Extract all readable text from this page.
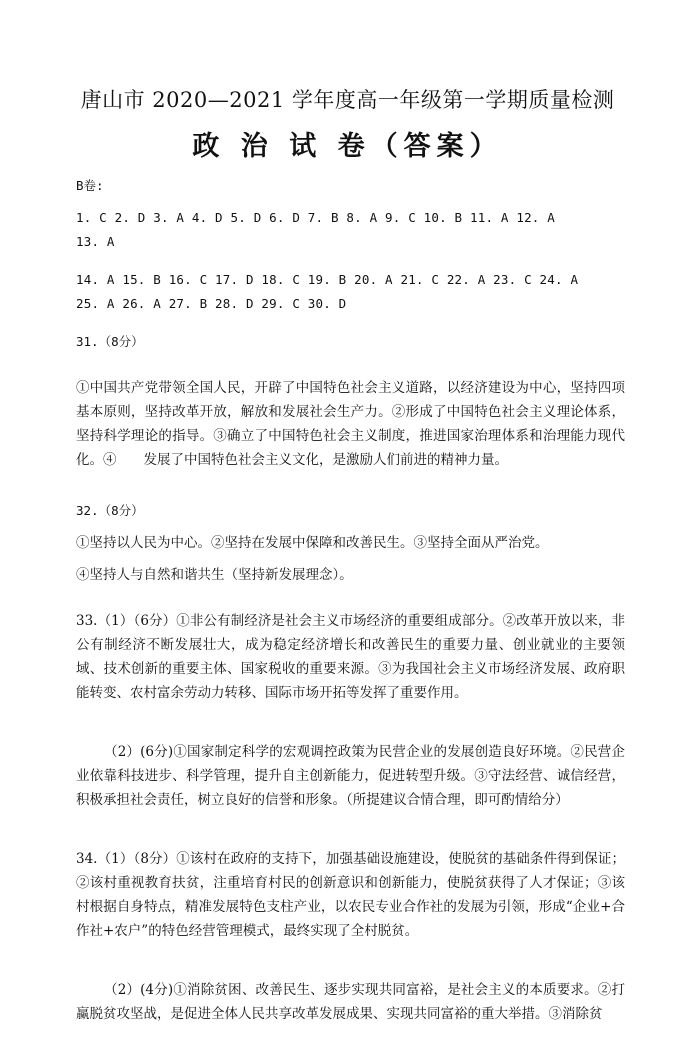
唐山市 2020—2021 学年度高一年级第一学期质量检测
政 治 试 卷（答案）

B卷:

1. C 2. D 3. A 4. D 5. D 6. D 7. B 8. A 9. C 10. B 11. A 12. A

13. A

14. A 15. B 16. C 17. D 18. C 19. B 20. A 21. C 22. A 23. C 24. A

25. A 26. A 27. B 28. D 29. C 30. D

31.（8分）

①中国共产党带领全国人民，开辟了中国特色社会主义道路，以经济建设为中心，坚持四项基本原则，坚持改革开放，解放和发展社会生产力。②形成了中国特色社会主义理论体系，坚持科学理论的指导。③确立了中国特色社会主义制度，推进国家治理体系和治理能力现代化。④　　发展了中国特色社会主义文化，是激励人们前进的精神力量。

32.（8分）

①坚持以人民为中心。②坚持在发展中保障和改善民生。③坚持全面从严治党。

④坚持人与自然和谐共生（坚持新发展理念）。

33.（1）（6分）①非公有制经济是社会主义市场经济的重要组成部分。②改革开放以来，非公有制经济不断发展壮大，成为稳定经济增长和改善民生的重要力量、创业就业的主要领域、技术创新的重要主体、国家税收的重要来源。③为我国社会主义市场经济发展、政府职能转变、农村富余劳动力转移、国际市场开拓等发挥了重要作用。

（2）(6分)①国家制定科学的宏观调控政策为民营企业的发展创造良好环境。②民营企业依靠科技进步、科学管理，提升自主创新能力，促进转型升级。③守法经营、诚信经营，积极承担社会责任，树立良好的信誉和形象。（所提建议合情合理，即可酌情给分）

34.（1）（8分）①该村在政府的支持下，加强基础设施建设，使脱贫的基础条件得到保证；②该村重视教育扶贫，注重培育村民的创新意识和创新能力，使脱贫获得了人才保证；③该村根据自身特点，精准发展特色支柱产业，以农民专业合作社的发展为引领，形成“企业+合作社+农户”的特色经营管理模式，最终实现了全村脱贫。

（2）(4分)①消除贫困、改善民生、逐步实现共同富裕，是社会主义的本质要求。②打赢脱贫攻坚战，是促进全体人民共享改革发展成果、实现共同富裕的重大举措。③消除贫
